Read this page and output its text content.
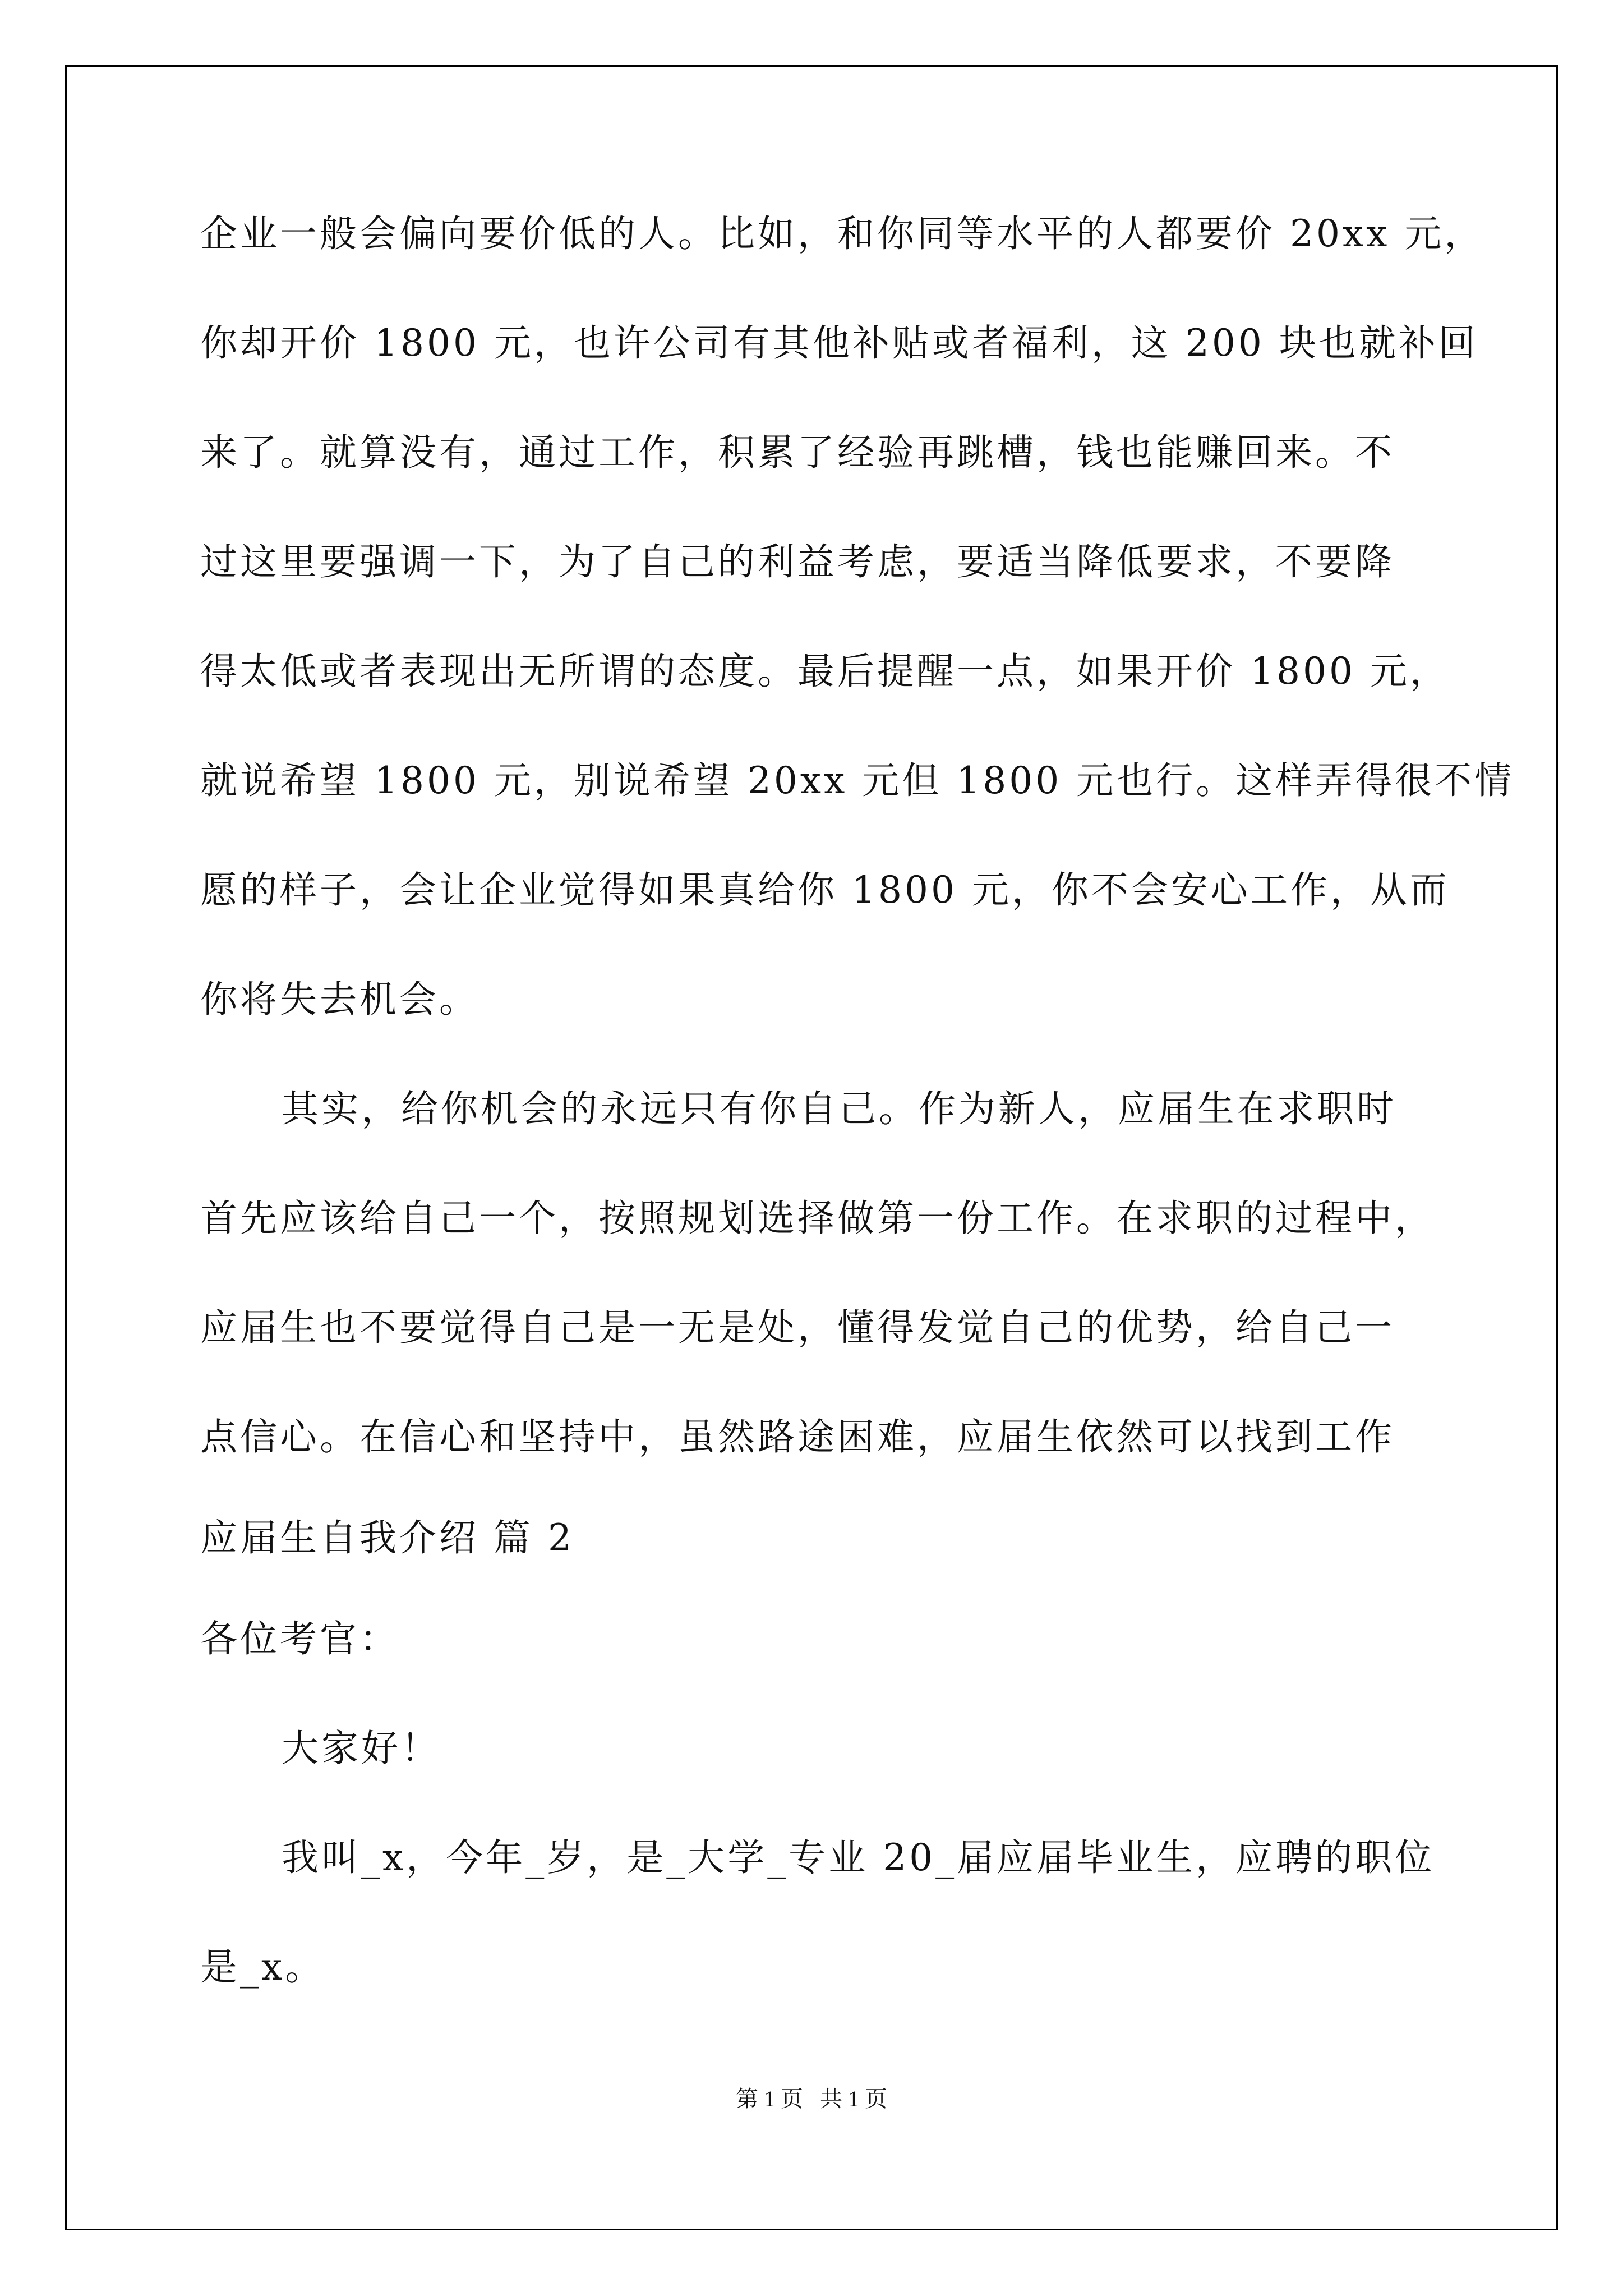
企业一般会偏向要价低的人。比如，和你同等水平的人都要价 20xx 元，
你却开价 1800 元，也许公司有其他补贴或者福利，这 200 块也就补回
来了。就算没有，通过工作，积累了经验再跳槽，钱也能赚回来。不
过这里要强调一下，为了自己的利益考虑，要适当降低要求，不要降
得太低或者表现出无所谓的态度。最后提醒一点，如果开价 1800 元，
就说希望 1800 元，别说希望 20xx 元但 1800 元也行。这样弄得很不情
愿的样子，会让企业觉得如果真给你 1800 元，你不会安心工作，从而
你将失去机会。
其实，给你机会的永远只有你自己。作为新人，应届生在求职时
首先应该给自己一个，按照规划选择做第一份工作。在求职的过程中，
应届生也不要觉得自己是一无是处，懂得发觉自己的优势，给自己一
点信心。在信心和坚持中，虽然路途困难，应届生依然可以找到工作
应届生自我介绍 篇 2
各位考官：
大家好！
我叫_x，今年_岁，是_大学_专业 20_届应届毕业生，应聘的职位
是_x。
第 1 页   共 1 页
